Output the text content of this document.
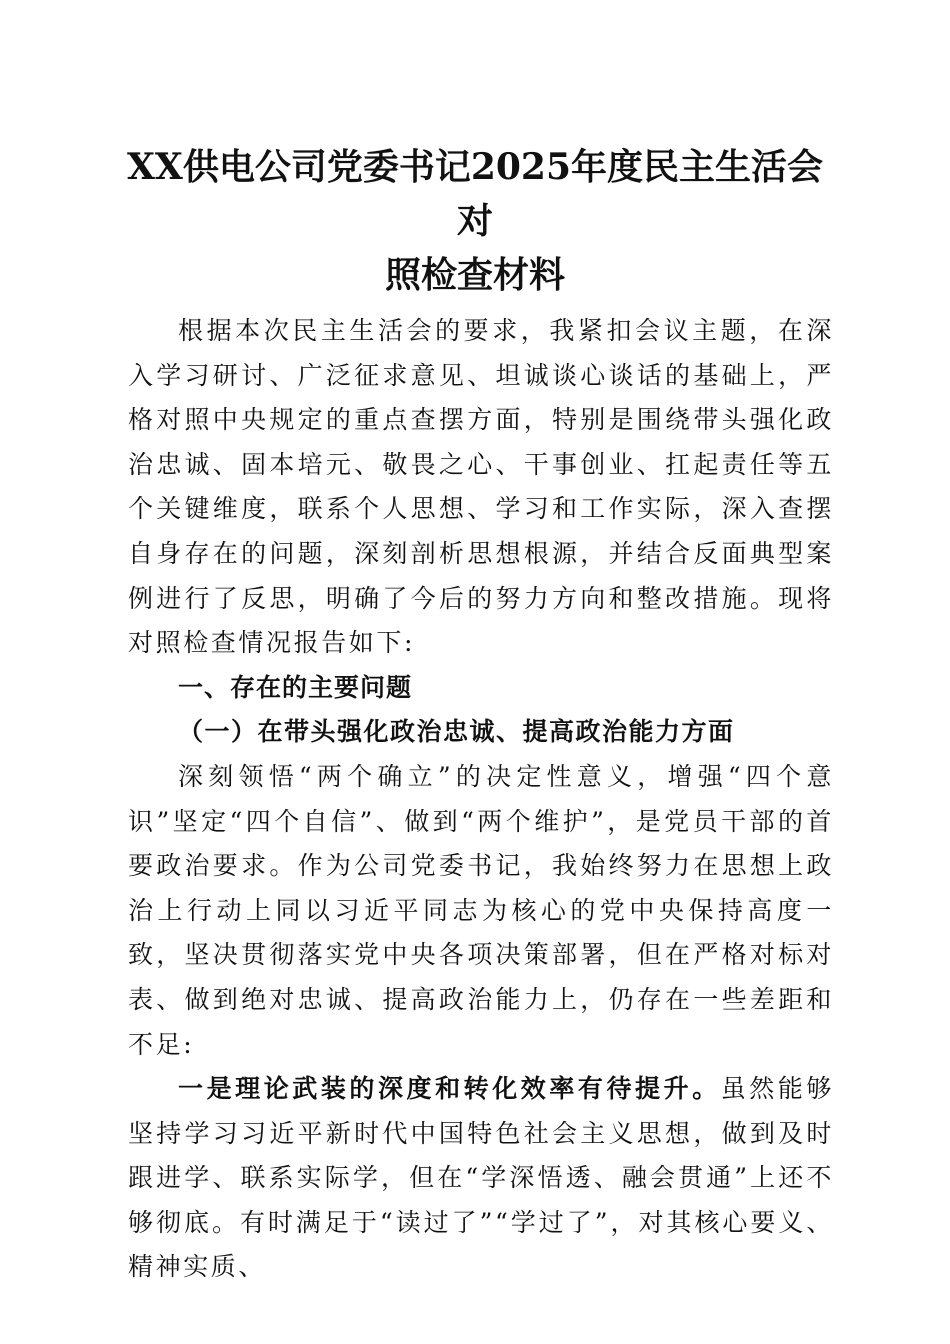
XX供电公司党委书记2025年度民主生活会对
照检查材料

根据本次民主生活会的要求，我紧扣会议主题，在深入学习研讨、广泛征求意见、坦诚谈心谈话的基础上，严格对照中央规定的重点查摆方面，特别是围绕带头强化政治忠诚、固本培元、敬畏之心、干事创业、扛起责任等五个关键维度，联系个人思想、学习和工作实际，深入查摆自身存在的问题，深刻剖析思想根源，并结合反面典型案例进行了反思，明确了今后的努力方向和整改措施。现将对照检查情况报告如下:

一、存在的主要问题

（一）在带头强化政治忠诚、提高政治能力方面

深刻领悟“两个确立”的决定性意义，增强“四个意识”坚定“四个自信”、做到“两个维护”，是党员干部的首要政治要求。作为公司党委书记，我始终努力在思想上政治上行动上同以习近平同志为核心的党中央保持高度一致，坚决贯彻落实党中央各项决策部署，但在严格对标对表、做到绝对忠诚、提高政治能力上，仍存在一些差距和不足:

一是理论武装的深度和转化效率有待提升。虽然能够坚持学习习近平新时代中国特色社会主义思想，做到及时跟进学、联系实际学，但在“学深悟透、融会贯通”上还不够彻底。有时满足于“读过了”“学过了”，对其核心要义、精神实质、
